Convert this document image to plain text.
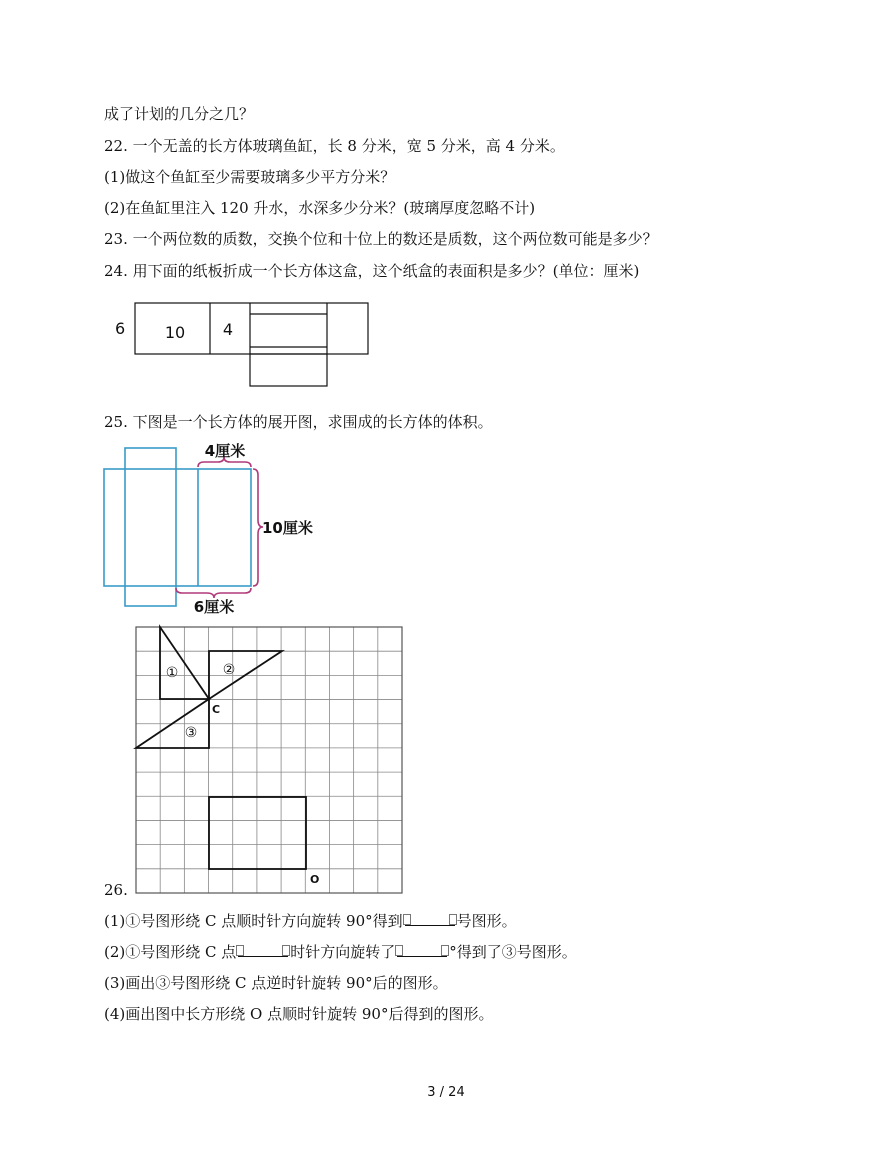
成了计划的几分之几？
22. 一个无盖的长方体玻璃鱼缸，长 8 分米，宽 5 分米，高 4 分米。
(1)做这个鱼缸至少需要玻璃多少平方分米？
(2)在鱼缸里注入 120 升水，水深多少分米？(玻璃厚度忽略不计)
23. 一个两位数的质数，交换个位和十位上的数还是质数，这个两位数可能是多少？
24. 用下面的纸板折成一个长方体这盒，这个纸盒的表面积是多少？(单位：厘米)
6 10 4
25. 下图是一个长方体的展开图，求围成的长方体的体积。
4厘米
10厘米
6厘米
①	②
③
C
O
26.
(1)①号图形绕 C 点顺时针方向旋转 90°得到	号图形。
(2)①号图形绕 C 点	时针方向旋转了	°得到了③号图形。
(3)画出③号图形绕 C 点逆时针旋转 90°后的图形。
(4)画出图中长方形绕 O 点顺时针旋转 90°后得到的图形。
3 / 24
